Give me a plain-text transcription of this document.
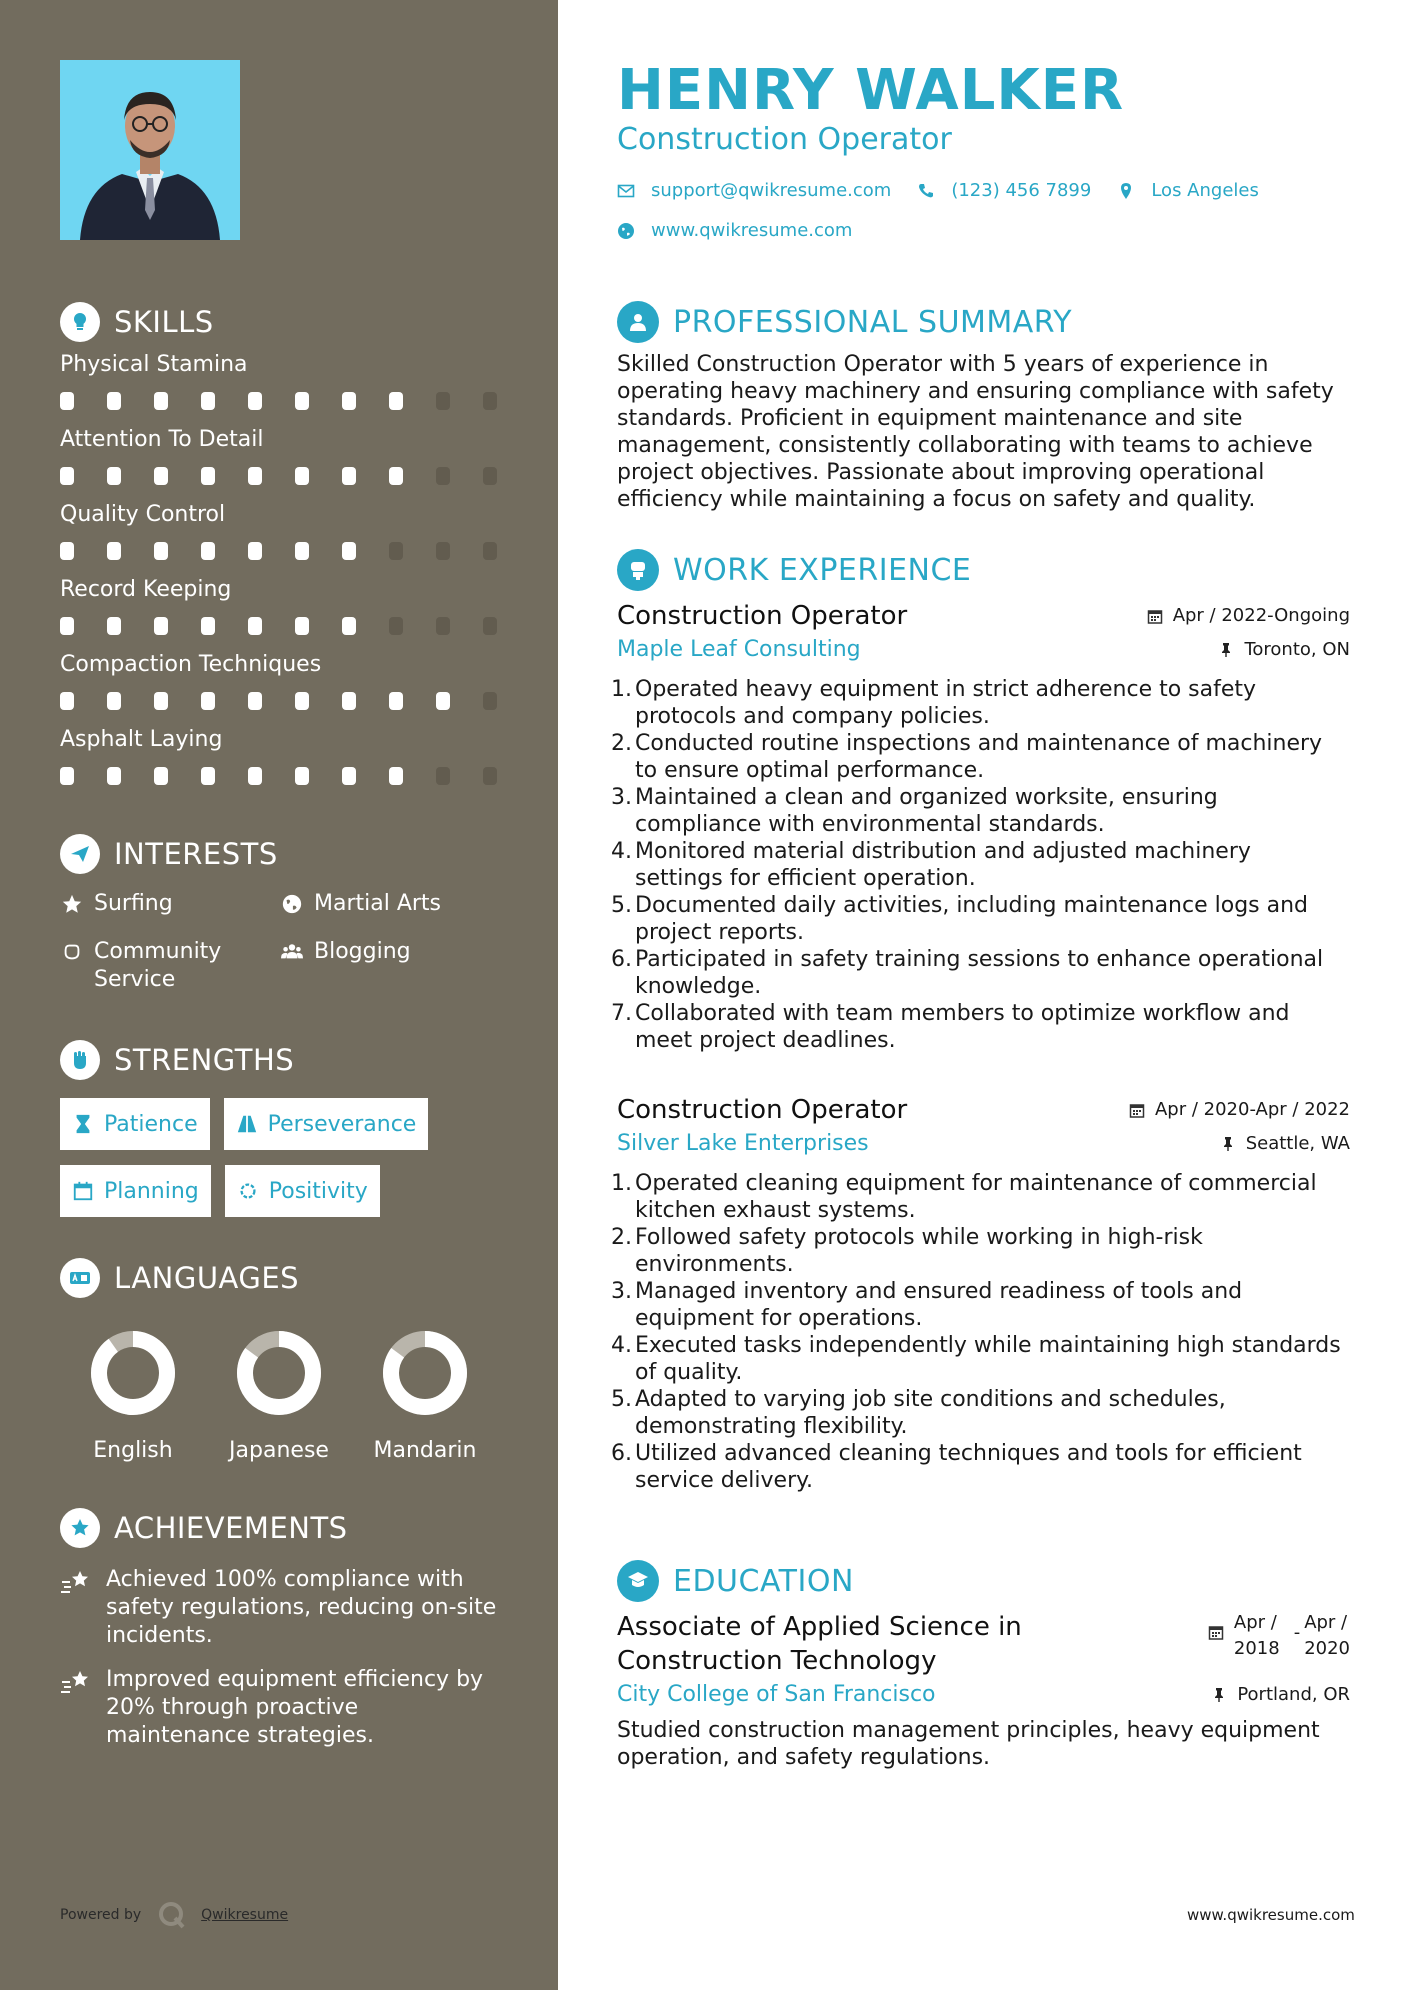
SKILLS
Physical Stamina
Attention To Detail
Quality Control
Record Keeping
Compaction Techniques
Asphalt Laying
INTERESTS
Surfing	Martial Arts
Community Service
Blogging
STRENGTHS
Patience	Perseverance
Planning	Positivity
LANGUAGES
English	Japanese Mandarin
ACHIEVEMENTS
Achieved 100% compliance with safety regulations, reducing on-site incidents.
Improved equipment efficiency by 20% through proactive maintenance strategies.
Powered by	Qwikresume
HENRY WALKER
Construction Operator
support@qwikresume.com	(123) 456 7899	Los Angeles
www.qwikresume.com
PROFESSIONAL SUMMARY
Skilled Construction Operator with 5 years of experience in operating heavy machinery and ensuring compliance with safety standards. Proficient in equipment maintenance and site management, consistently collaborating with teams to achieve project objectives. Passionate about improving operational efficiency while maintaining a focus on safety and quality.
WORK EXPERIENCE
Construction Operator	Apr / 2022-Ongoing
Maple Leaf Consulting	Toronto, ON
1. Operated heavy equipment in strict adherence to safety protocols and company policies.
2. Conducted routine inspections and maintenance of machinery to ensure optimal performance.
3. Maintained a clean and organized worksite, ensuring compliance with environmental standards.
4. Monitored material distribution and adjusted machinery settings for efficient operation.
5. Documented daily activities, including maintenance logs and project reports.
6. Participated in safety training sessions to enhance operational knowledge.
7. Collaborated with team members to optimize workflow and meet project deadlines.
Construction Operator	Apr / 2020-Apr / 2022
Silver Lake Enterprises	Seattle, WA
1. Operated cleaning equipment for maintenance of commercial kitchen exhaust systems.
2. Followed safety protocols while working in high-risk environments.
3. Managed inventory and ensured readiness of tools and equipment for operations.
4. Executed tasks independently while maintaining high standards of quality.
5. Adapted to varying job site conditions and schedules, demonstrating flexibility.
6. Utilized advanced cleaning techniques and tools for efficient service delivery.
EDUCATION
Associate of Applied Science in
Construction Technology
Apr /
2018
- Apr /
2020
City College of San Francisco	Portland, OR
Studied construction management principles, heavy equipment operation, and safety regulations.
www.qwikresume.com
